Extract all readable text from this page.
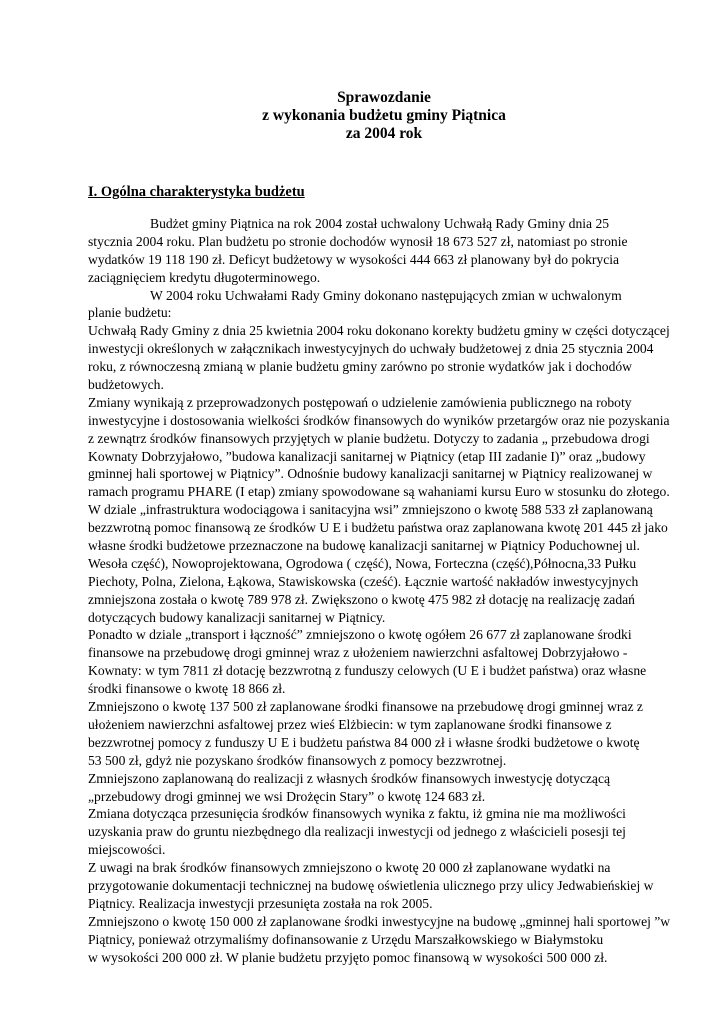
Sprawozdanie
z wykonania budżetu gminy Piątnica
za 2004 rok
I. Ogólna charakterystyka budżetu
Budżet gminy Piątnica na rok 2004 został uchwalony Uchwałą Rady Gminy dnia 25
stycznia 2004 roku. Plan budżetu po stronie dochodów wynosił 18 673 527 zł, natomiast po stronie
wydatków 19 118 190 zł. Deficyt budżetowy w wysokości 444 663 zł planowany był do pokrycia
zaciągnięciem kredytu długoterminowego.
W 2004 roku Uchwałami Rady Gminy dokonano następujących zmian w uchwalonym
planie budżetu:
Uchwałą Rady Gminy z dnia 25 kwietnia 2004 roku dokonano korekty budżetu gminy w części dotyczącej
inwestycji określonych w załącznikach inwestycyjnych do uchwały budżetowej z dnia 25 stycznia 2004
roku, z równoczesną zmianą w planie budżetu gminy zarówno po stronie wydatków jak i dochodów
budżetowych.
Zmiany wynikają z przeprowadzonych postępowań o udzielenie zamówienia publicznego na roboty
inwestycyjne i dostosowania wielkości środków finansowych do wyników przetargów oraz nie pozyskania
z zewnątrz środków finansowych przyjętych w planie budżetu. Dotyczy to zadania „ przebudowa drogi
Kownaty Dobrzyjałowo, ”budowa kanalizacji sanitarnej w Piątnicy (etap III zadanie I)” oraz „budowy
gminnej hali sportowej w Piątnicy”. Odnośnie budowy kanalizacji sanitarnej w Piątnicy realizowanej w
ramach programu PHARE (I etap) zmiany spowodowane są wahaniami kursu Euro w stosunku do złotego.
W dziale „infrastruktura wodociągowa i sanitacyjna wsi” zmniejszono o kwotę 588 533 zł zaplanowaną
bezzwrotną pomoc finansową ze środków U E i budżetu państwa oraz zaplanowana kwotę 201 445 zł jako
własne środki budżetowe przeznaczone na budowę kanalizacji sanitarnej w Piątnicy Poduchownej ul.
Wesoła część), Nowoprojektowana, Ogrodowa ( część), Nowa, Forteczna (część),Północna,33 Pułku
Piechoty, Polna, Zielona, Łąkowa, Stawiskowska (cześć). Łącznie wartość nakładów inwestycyjnych
zmniejszona została o kwotę 789 978 zł. Zwiększono o kwotę 475 982 zł dotację na realizację zadań
dotyczących budowy kanalizacji sanitarnej w Piątnicy.
Ponadto w dziale „transport i łączność” zmniejszono o kwotę ogółem 26 677 zł zaplanowane środki
finansowe na przebudowę drogi gminnej wraz z ułożeniem nawierzchni asfaltowej Dobrzyjałowo -
Kownaty: w tym 7811 zł dotację bezzwrotną z funduszy celowych (U E i budżet państwa) oraz własne
środki finansowe o kwotę 18 866 zł.
Zmniejszono o kwotę 137 500 zł zaplanowane środki finansowe na przebudowę drogi gminnej wraz z
ułożeniem nawierzchni asfaltowej przez wieś Elżbiecin: w tym zaplanowane środki finansowe z
bezzwrotnej pomocy z funduszy U E i budżetu państwa 84 000 zł i własne środki budżetowe o kwotę
53 500 zł, gdyż nie pozyskano środków finansowych z pomocy bezzwrotnej.
Zmniejszono zaplanowaną do realizacji z własnych środków finansowych inwestycję dotyczącą
„przebudowy drogi gminnej we wsi Drożęcin Stary” o kwotę 124 683 zł.
Zmiana dotycząca przesunięcia środków finansowych wynika z faktu, iż gmina nie ma możliwości
uzyskania praw do gruntu niezbędnego dla realizacji inwestycji od jednego z właścicieli posesji tej
miejscowości.
Z uwagi na brak środków finansowych zmniejszono o kwotę 20 000 zł zaplanowane wydatki na
przygotowanie dokumentacji technicznej na budowę oświetlenia ulicznego przy ulicy Jedwabieńskiej w
Piątnicy. Realizacja inwestycji przesunięta została na rok 2005.
Zmniejszono o kwotę 150 000 zł zaplanowane środki inwestycyjne na budowę „gminnej hali sportowej ”w
Piątnicy, ponieważ otrzymaliśmy dofinansowanie z Urzędu Marszałkowskiego w Białymstoku
w wysokości 200 000 zł. W planie budżetu przyjęto pomoc finansową w wysokości 500 000 zł.
